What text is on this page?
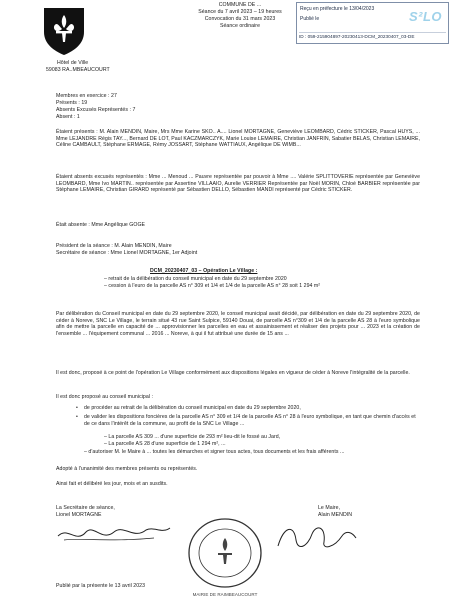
Hôtel de Ville
59083 RA..MBEAUCOURT
COMMUNE DE ...
Séance du 7 avril 2023 – 19 heures
Convocation du 31 mars 2023
Séance ordinaire
Reçu en préfecture le 13/04/2023
Publié le	S²LO
ID : 059-215904897-20230413-DCM_20230407_03-DE
Membres en exercice : 27
Présents : 19
Absents Excusés Représentés : 7
Absent : 1
Étaient présents : M. Alain MENDIN, Maire, Mrs Mme Karine SKO.. A.... Lionel MORTAGNE, Geneviève LEOMBARD, Cédric STICKER, Pascal HUYS, ... Mme LEJANDRE Régis TAY..., Bernard DE LOT, Paul KACZMARCZYK, Marie Louise LEMAIRE, Christian JANFRIN, Sabatier BELAS, Christian LEMAIRE, Céline CAMBAULT, Stéphane ERMAGE, Rémy JOSSART, Stéphane WATTIAUX, Angélique DE WIMB...
Étaient absents excusés représentés : Mme ... Menoud ... Pauvre représentée par pouvoir à Mme .... Valérie SPLITTOVERIE représentée par Geneviève LEOMBARD, Mme Ivo MARTIN.. représentée par Assertine VILLAAIO, Aurelie VERRIER Représentée par Noël MORIN, Chloé BARBIER représentée par Stéphane LEMAIRE, Christian GIRARD représenté par Sébastien DELLO, Sébastien MANDI représenté par Cédric STICKER.
Était absente : Mme Angélique GOGE
Président de la séance : M. Alain MENDIN, Maire
Secrétaire de séance : Mme Lionel MORTAGNE, 1er Adjoint
DCM_20230407_03 – Opération Le Village :
– retrait de la délibération du conseil municipal en date du 29 septembre 2020
– cession à l'euro de la parcelle AS n° 309 et 1/4 et 1/4 de la parcelle AS n° 28 soit 1 294 m²
Par délibération du Conseil municipal en date du 29 septembre 2020, le conseil municipal avait décidé, par délibération en date du 29 septembre 2020, de céder à Noreve, SNC Le Village, le terrain situé 43 rue Saint Sulpice, 59140 Douai, de parcelle AS n°309 et 1/4 de la parcelle AS 28 à l'euro symbolique afin de mettre la parcelle en capacité de ... approvisionner les parcelles en eau et assainissement et réaliser des projets pour ... 2023 et la création de l'ensemble ... l'équipement communal ... 2016 ... Noreve, à qui il fut attribué une durée de 15 ans ...
Il est donc, proposé à ce point de l'opération Le Village conformément aux dispositions légales en vigueur de céder à Noreve l'intégralité de la parcelle.
Il est donc proposé au conseil municipal :
• de procéder au retrait de la délibération du conseil municipal en date du 29 septembre 2020,
• de valider les dispositions foncières de la parcelle AS n° 309 et 1/4 de la parcelle AS n° 28 à l'euro symbolique, en tant que chemin d'accès et de ce dans l'intérêt de la commune, au profit de la SNC Le Village ...
– La parcelle AS 309 ... d'une superficie de 293 m² lieu-dit le fossé au Jard,
– La parcelle AS 28 d'une superficie de 1 294 m², ...
– d'autoriser M. le Maire à ... toutes les démarches et signer tous actes, tous documents et les frais afférents ...
Adopté à l'unanimité des membres présents ou représentés.
Ainsi fait et délibéré les jour, mois et an susdits.
La Secrétaire de séance,
Lionel MORTAGNE
Le Maire,
Alain MENDIN
MAIRIE DE RAIMBEAUCOURT
Publié par la présente le 13 avril 2023
